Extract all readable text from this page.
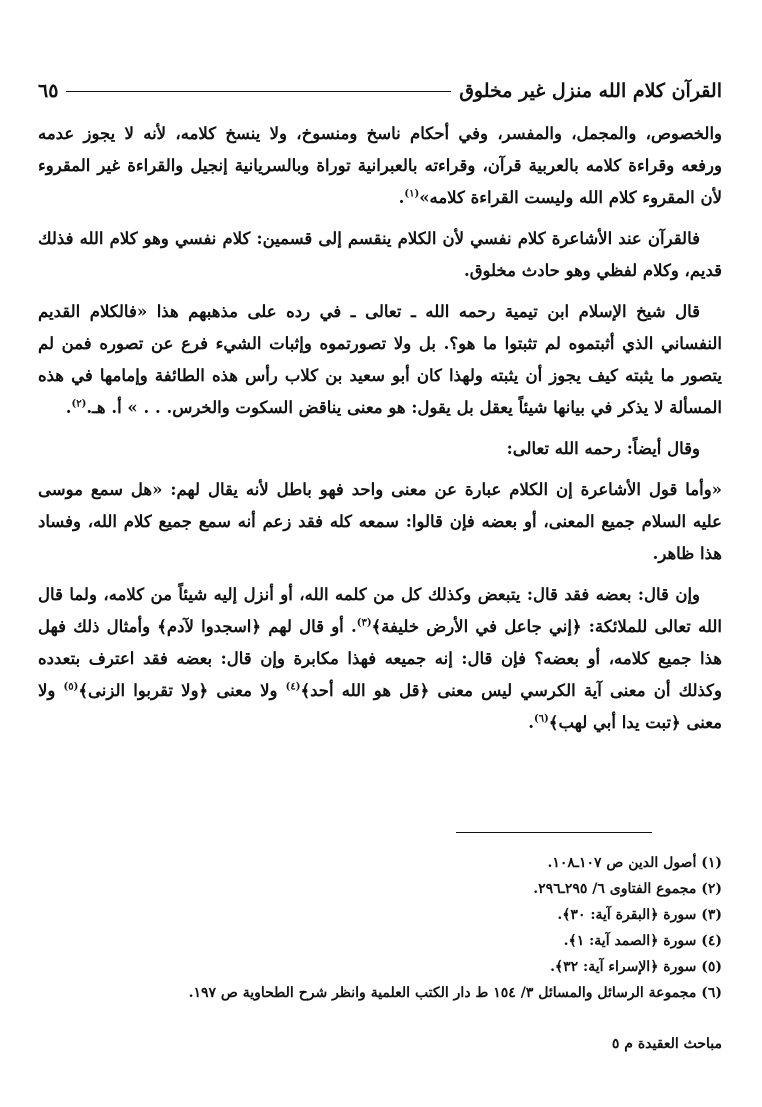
القرآن كلام الله منزل غير مخلوق
٦٥

والخصوص، والمجمل، والمفسر، وفي أحكام ناسخ ومنسوخ، ولا ينسخ كلامه، لأنه لا يجوز عدمه ورفعه وقراءة كلامه بالعربية قرآن، وقراءته بالعبرانية توراة وبالسريانية إنجيل والقراءة غير المقروء لأن المقروء كلام الله وليست القراءة كلامه»$^{(١)}$.

فالقرآن عند الأشاعرة كلام نفسي لأن الكلام ينقسم إلى قسمين: كلام نفسي وهو كلام الله فذلك قديم، وكلام لفظي وهو حادث مخلوق.

قال شيخ الإسلام ابن تيمية رحمه الله ـ تعالى ـ في رده على مذهبهم هذا «فالكلام القديم النفساني الذي أثبتموه لم تثبتوا ما هو؟. بل ولا تصورتموه وإثبات الشيء فرع عن تصوره فمن لم يتصور ما يثبته كيف يجوز أن يثبته ولهذا كان أبو سعيد بن كلاب رأس هذه الطائفة وإمامها في هذه المسألة لا يذكر في بيانها شيئاً يعقل بل يقول: هو معنى يناقض السكوت والخرس. . . » أ. هـ.$^{(٢)}$.

وقال أيضاً: رحمه الله تعالى:

«وأما قول الأشاعرة إن الكلام عبارة عن معنى واحد فهو باطل لأنه يقال لهم: «هل سمع موسى عليه السلام جميع المعنى، أو بعضه فإن قالوا: سمعه كله فقد زعم أنه سمع جميع كلام الله، وفساد هذا ظاهر.

وإن قال: بعضه فقد قال: يتبعض وكذلك كل من كلمه الله، أو أنزل إليه شيئاً من كلامه، ولما قال الله تعالى للملائكة: ﴿إني جاعل في الأرض خليفة﴾$^{(٣)}$. أو قال لهم ﴿اسجدوا لآدم﴾ وأمثال ذلك فهل هذا جميع كلامه، أو بعضه؟ فإن قال: إنه جميعه فهذا مكابرة وإن قال: بعضه فقد اعترف بتعدده وكذلك أن معنى آية الكرسي ليس معنى ﴿قل هو الله أحد﴾$^{(٤)}$ ولا معنى ﴿ولا تقربوا الزنى﴾$^{(٥)}$ ولا معنى ﴿تبت يدا أبي لهب﴾$^{(٦)}$.

(١) أصول الدين ص ١٠٧ـ١٠٨.
(٢) مجموع الفتاوى ٦/ ٢٩٥ـ٢٩٦.
(٣) سورة ﴿البقرة آية: ٣٠﴾.
(٤) سورة ﴿الصمد آية: ١﴾.
(٥) سورة ﴿الإسراء آية: ٣٢﴾.
(٦) مجموعة الرسائل والمسائل ٣/ ١٥٤ ط دار الكتب العلمية وانظر شرح الطحاوية ص ١٩٧.
مباحث العقيدة م ٥
